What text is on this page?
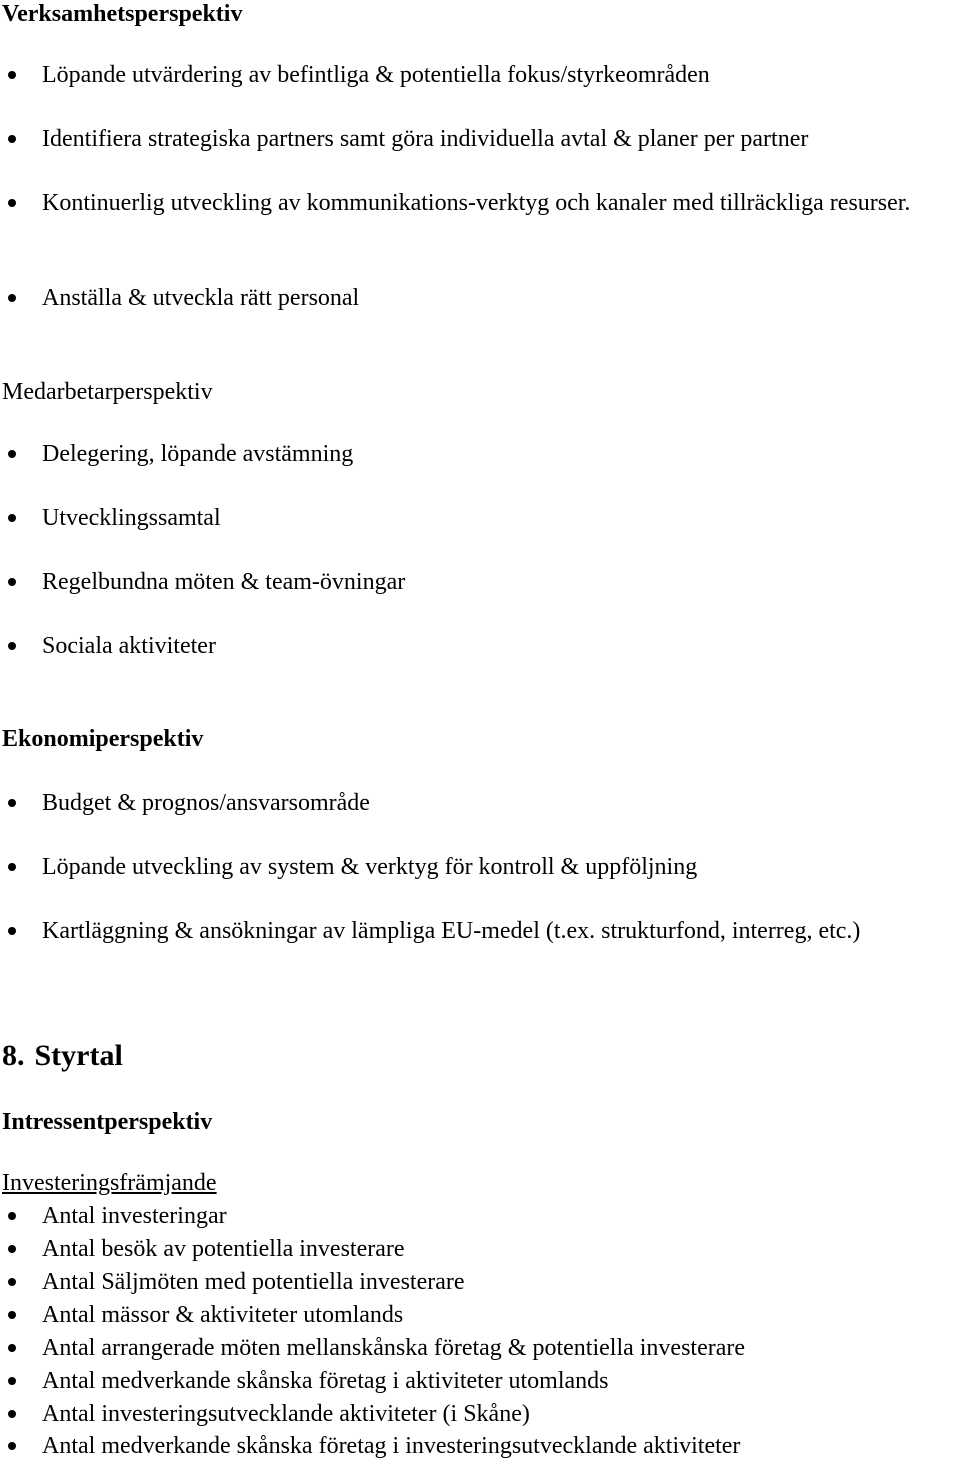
Verksamhetsperspektiv
Löpande utvärdering av befintliga & potentiella fokus/styrkeområden
Identifiera strategiska partners samt göra individuella avtal & planer per partner
Kontinuerlig utveckling av kommunikations-verktyg och kanaler med tillräckliga resurser.
Anställa & utveckla rätt personal
Medarbetarperspektiv
Delegering, löpande avstämning
Utvecklingssamtal
Regelbundna möten & team-övningar
Sociala aktiviteter
Ekonomiperspektiv
Budget & prognos/ansvarsområde
Löpande utveckling av system & verktyg för kontroll & uppföljning
Kartläggning & ansökningar av lämpliga EU-medel (t.ex. strukturfond, interreg, etc.)
8. Styrtal
Intressentperspektiv
Investeringsfrämjande
Antal investeringar
Antal besök av potentiella investerare
Antal Säljmöten med potentiella investerare
Antal mässor & aktiviteter utomlands
Antal arrangerade möten mellanskånska företag & potentiella investerare
Antal medverkande skånska företag i aktiviteter utomlands
Antal investeringsutvecklande aktiviteter (i Skåne)
Antal medverkande skånska företag i investeringsutvecklande aktiviteter
